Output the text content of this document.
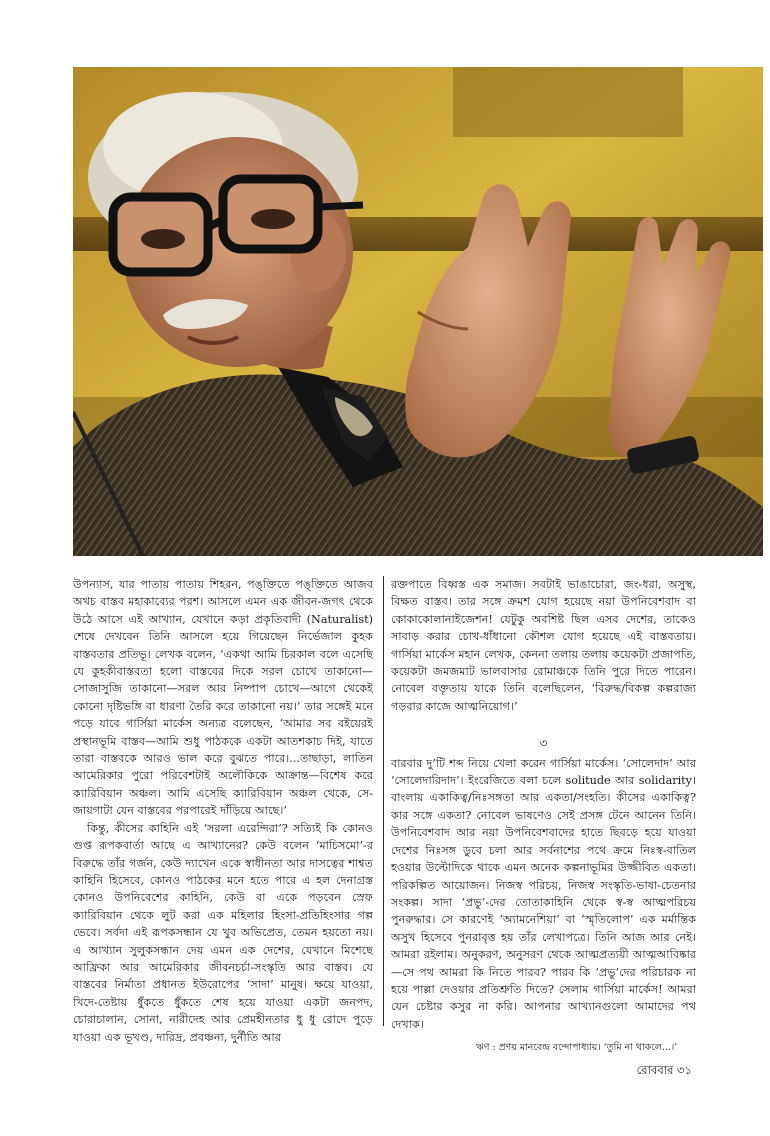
উপন্যাস, যার পাতায় পাতায় শিহরন, পঙ্‌ক্তিতে পঙ্‌ক্তিতে আজব অথচ বাস্তব মহাকাব্যের পরশ। আসলে এমন এক জীবন-জগৎ থেকে উঠে আসে এই আখ্যান, যেখানে কড়া প্রকৃতিবাদী (Naturalist) শেষে দেখবেন তিনি আসলে হয়ে গিয়েছেন নির্ভেজাল কুহক বাস্তবতার প্রতিভূ। লেখক বলেন, ‘একথা আমি চিরকাল বলে এসেছি যে কুহকীবাস্তবতা হলো বাস্তবের দিকে সরল চোখে তাকানো—সোজাসুজি তাকানো—সরল আর নিষ্পাপ চোখে—আগে থেকেই কোনো দৃষ্টিভঙ্গি বা ধারণা তৈরি করে তাকানো নয়।’ তার সঙ্গেই মনে পড়ে যাবে গার্সিয়া মার্কেস অন্যত্র বলেছেন, ‘আমার সব বইয়েরই প্রস্থানভূমি বাস্তব—আমি শুধু পাঠককে একটা আতশকাচ দিই, যাতে তারা বাস্তবকে আরও ভাল করে বুঝতে পারে।...তাছাড়া, লাতিন আমেরিকার পুরো পরিবেশটাই অলৌকিকে আক্রান্ত—বিশেষ করে ক্যারিবিয়ান অঞ্চল। আমি এসেছি ক্যারিবিয়ান অঞ্চল থেকে, সে-জায়গাটা যেন বাস্তবের পরপারেই দাঁড়িয়ে আছে।’

কিন্তু, কীসের কাহিনি এই ‘সরলা এরেন্দিরা’? সত্যিই কি কোনও গুপ্ত রূপকবার্তা আছে এ আখ্যানের? কেউ বলেন ‘মাচিসমো’-র বিরুদ্ধে তাঁর গর্জন, কেউ দ্যাখেন একে স্বাধীনতা আর দাসত্বের শাশ্বত কাহিনি হিসেবে, কোনও পাঠকের মনে হতে পারে এ হল দেনাগ্রস্ত কোনও উপনিবেশের কাহিনি, কেউ বা একে পড়বেন স্রেফ ক্যারিবিয়ান থেকে লুট করা এক মহিলার হিংসা-প্রতিহিংসার গল্প ভেবে। সর্বদা এই রূপকসন্ধান যে খুব অভিপ্রেত, তেমন হয়তো নয়। এ আখ্যান সুলুকসন্ধান দেয় এমন এক দেশের, যেখানে মিশেছে আফ্রিকা আর আমেরিকার জীবনচর্চা-সংস্কৃতি আর বাস্তব। যে বাস্তবের নির্মাতা প্রধানত ইউরোপের ‘সাদা’ মানুষ। ক্ষয়ে যাওয়া, খিদে-তেষ্টায় ধুঁকতে ধুঁকতে শেষ হয়ে যাওয়া একটা জনপদ, চোরাচালান, সোনা, নারীদেহ আর প্রেমহীনতার ধু ধু রোদে পুড়ে যাওয়া এক ভূখণ্ড, দারিদ্র, প্রবঞ্চনা, দুর্নীতি আর

রক্তপাতে বিধ্বস্ত এক সমাজ। সবটাই ভাঙাচোরা, জং-ধরা, অসুস্থ, বিক্ষত বাস্তব। তার সঙ্গে ক্রমশ যোগ হয়েছে নয়া উপনিবেশবাদ বা কোকাকোলানাইজেশন! যেটুকু অবশিষ্ট ছিল এসব দেশের, তাকেও সাবাড় করার চোখ-ধাঁধানো কৌশল যোগ হয়েছে এই বাস্তবতায়। গার্সিয়া মার্কেস মহান লেখক, কেননা তলায় তলায় কয়েকটা প্রজাপতি, কয়েকটা জমজমাট ভালবাসার রোমাঞ্চকে তিনি পুরে দিতে পারেন। নোবেল বক্তৃতায় যাকে তিনি বলেছিলেন, ‘বিরুদ্ধ/বিকল্প কল্পরাজ্য গড়বার কাজে আত্মনিয়োগ।’

৩

বারবার দু’টি শব্দ নিয়ে খেলা করেন গার্সিয়া মার্কেস। ‘সোলেদাদ’ আর ‘সোলেদারিদাদ’। ইংরেজিতে বলা চলে solitude আর solidarity। বাংলায় একাকিত্ব/নিঃসঙ্গতা আর একতা/সংহতি। কীসের একাকিত্ব? কার সঙ্গে একতা? নোবেল ভাষণেও সেই প্রসঙ্গ টেনে আনেন তিনি। উপনিবেশবাদ আর নয়া উপনিবেশবাদের হাতে ছিবড়ে হয়ে যাওয়া দেশের নিঃসঙ্গ ডুবে চলা আর সর্বনাশের পথে ক্রমে নিঃস্ব-বাতিল হওয়ার উল্টোদিকে থাকে এমন অনেক কল্পনাভূমির উজ্জীবিত একতা। পরিকল্পিত আয়োজন। নিজস্ব পরিচয়, নিজস্ব সংস্কৃতি-ভাষা-চেতনার সংকল্প। সাদা ‘প্রভু’-দের তোতাকাহিনি থেকে স্ব-স্ব আত্মপরিচয় পুনরুদ্ধার। সে কারণেই ‘অ্যামনেশিয়া’ বা ‘স্মৃতিলোপ’ এক মর্মান্তিক অসুখ হিসেবে পুনরাবৃত্ত হয় তাঁর লেখাপত্রে। তিনি আজ আর নেই। আমরা রইলাম। অনুকরণ, অনুসরণ থেকে আত্মপ্রত্যয়ী আত্মআবিষ্কার—সে পথ আমরা কি নিতে পারব? পারব কি ‘প্রভু’দের পরিচারক না হয়ে পাল্লা দেওয়ার প্রতিশ্রুতি দিতে? সেলাম গার্সিয়া মার্কেস! আমরা যেন চেষ্টার কসুর না করি। আপনার আখ্যানগুলো আমাদের পথ দেখাক।

ঋণ : প্রণয় মানবেন্দ্র বন্দোপাধ্যায়। ‘তুমি না থাকলে...।’
রোববার ৩১
